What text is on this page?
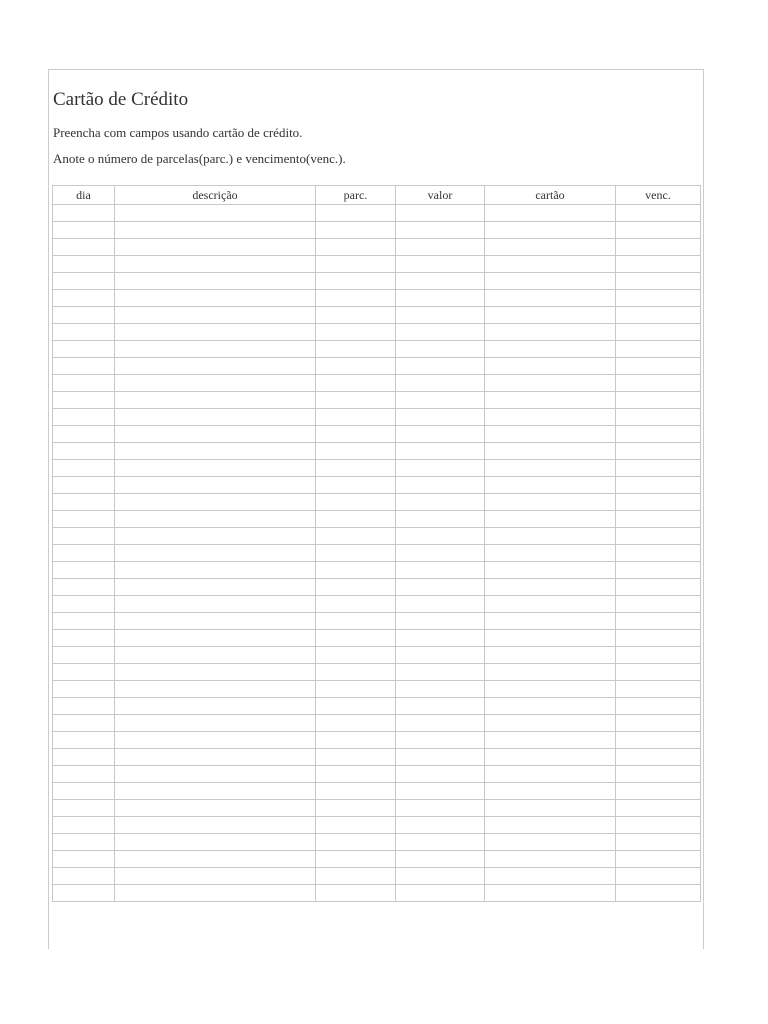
Cartão de Crédito

Preencha com campos usando cartão de crédito.

Anote o número de parcelas(parc.) e vencimento(venc.).

dia	descrição	parc.	valor	cartão	venc.
